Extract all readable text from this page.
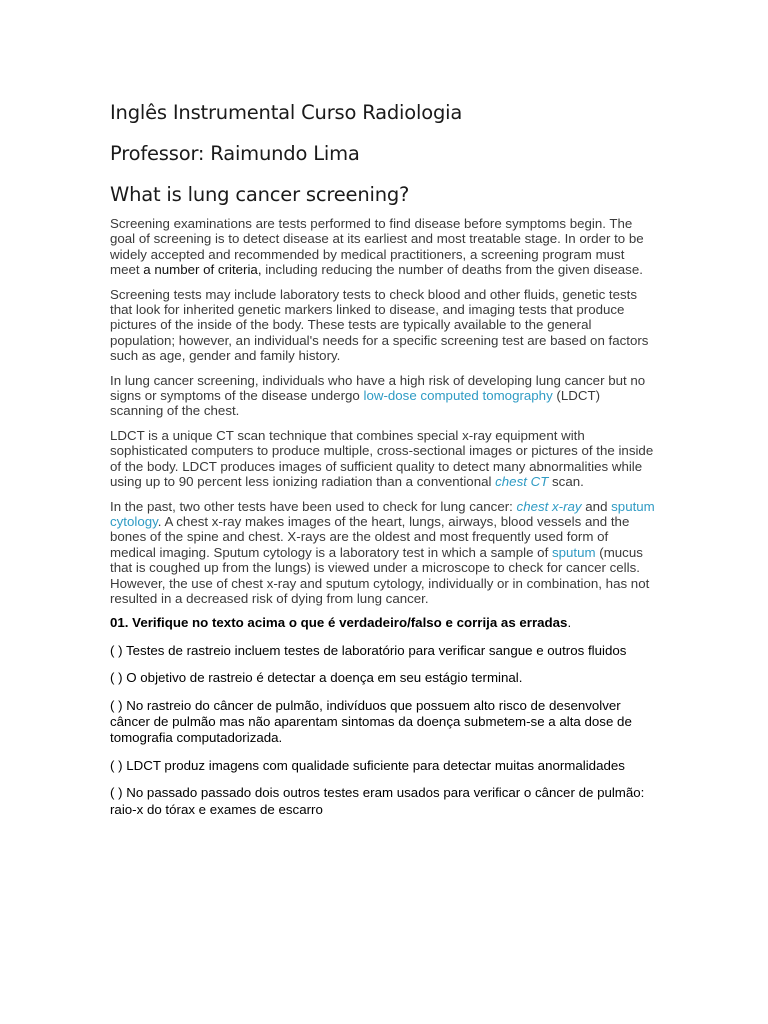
Inglês Instrumental Curso Radiologia
Professor: Raimundo Lima
What is lung cancer screening?

Screening examinations are tests performed to find disease before symptoms begin. The goal of screening is to detect disease at its earliest and most treatable stage. In order to be widely accepted and recommended by medical practitioners, a screening program must meet a number of criteria, including reducing the number of deaths from the given disease.

Screening tests may include laboratory tests to check blood and other fluids, genetic tests that look for inherited genetic markers linked to disease, and imaging tests that produce pictures of the inside of the body. These tests are typically available to the general population; however, an individual's needs for a specific screening test are based on factors such as age, gender and family history.

In lung cancer screening, individuals who have a high risk of developing lung cancer but no signs or symptoms of the disease undergo low-dose computed tomography (LDCT) scanning of the chest.

LDCT is a unique CT scan technique that combines special x-ray equipment with sophisticated computers to produce multiple, cross-sectional images or pictures of the inside of the body. LDCT produces images of sufficient quality to detect many abnormalities while using up to 90 percent less ionizing radiation than a conventional chest CT scan.

In the past, two other tests have been used to check for lung cancer: chest x-ray and sputum cytology. A chest x-ray makes images of the heart, lungs, airways, blood vessels and the bones of the spine and chest. X-rays are the oldest and most frequently used form of medical imaging. Sputum cytology is a laboratory test in which a sample of sputum (mucus that is coughed up from the lungs) is viewed under a microscope to check for cancer cells. However, the use of chest x-ray and sputum cytology, individually or in combination, has not resulted in a decreased risk of dying from lung cancer.

01. Verifique no texto acima o que é verdadeiro/falso e corrija as erradas.

( ) Testes de rastreio incluem testes de laboratório para verificar sangue e outros fluidos

( ) O objetivo de rastreio é detectar a doença em seu estágio terminal.

( ) No rastreio do câncer de pulmão, indivíduos que possuem alto risco de desenvolver câncer de pulmão mas não aparentam sintomas da doença submetem-se a alta dose de tomografia computadorizada.

( ) LDCT produz imagens com qualidade suficiente para detectar muitas anormalidades

( ) No passado passado dois outros testes eram usados para verificar o câncer de pulmão: raio-x do tórax e exames de escarro
